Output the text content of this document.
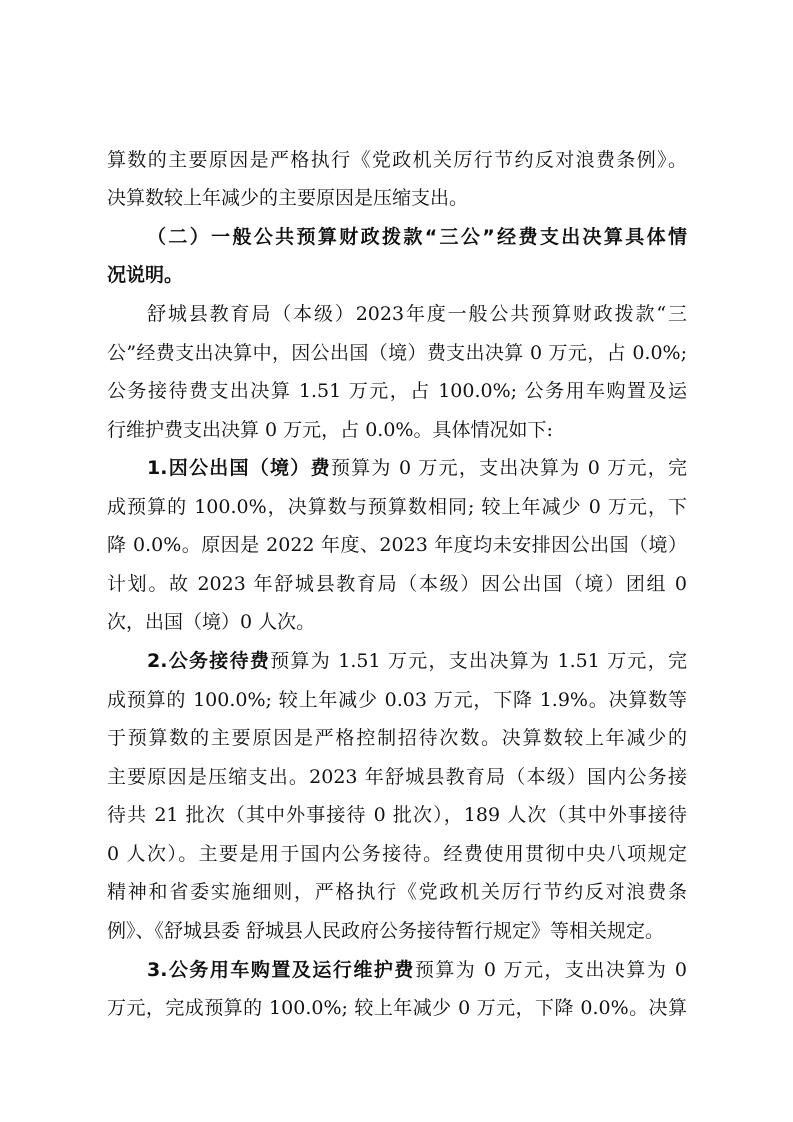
算数的主要原因是严格执行《党政机关厉行节约反对浪费条例》。
决算数较上年减少的主要原因是压缩支出。
（二）一般公共预算财政拨款“三公”经费支出决算具体情
况说明。
舒城县教育局（本级）2023年度一般公共预算财政拨款“三
公”经费支出决算中，因公出国（境）费支出决算 0 万元，占 0.0%;
公务接待费支出决算 1.51 万元，占 100.0%; 公务用车购置及运
行维护费支出决算 0 万元，占 0.0%。具体情况如下:
1.因公出国（境）费预算为 0 万元，支出决算为 0 万元，完
成预算的 100.0%，决算数与预算数相同; 较上年减少 0 万元，下
降 0.0%。原因是 2022 年度、2023 年度均未安排因公出国（境）
计划。故 2023 年舒城县教育局（本级）因公出国（境）团组 0
次，出国（境）0 人次。
2.公务接待费预算为 1.51 万元，支出决算为 1.51 万元，完
成预算的 100.0%; 较上年减少 0.03 万元，下降 1.9%。决算数等
于预算数的主要原因是严格控制招待次数。决算数较上年减少的
主要原因是压缩支出。2023 年舒城县教育局（本级）国内公务接
待共 21 批次（其中外事接待 0 批次），189 人次（其中外事接待
0 人次）。主要是用于国内公务接待。经费使用贯彻中央八项规定
精神和省委实施细则，严格执行《党政机关厉行节约反对浪费条
例》、《舒城县委 舒城县人民政府公务接待暂行规定》等相关规定。
3.公务用车购置及运行维护费预算为 0 万元，支出决算为 0
万元，完成预算的 100.0%; 较上年减少 0 万元，下降 0.0%。决算
